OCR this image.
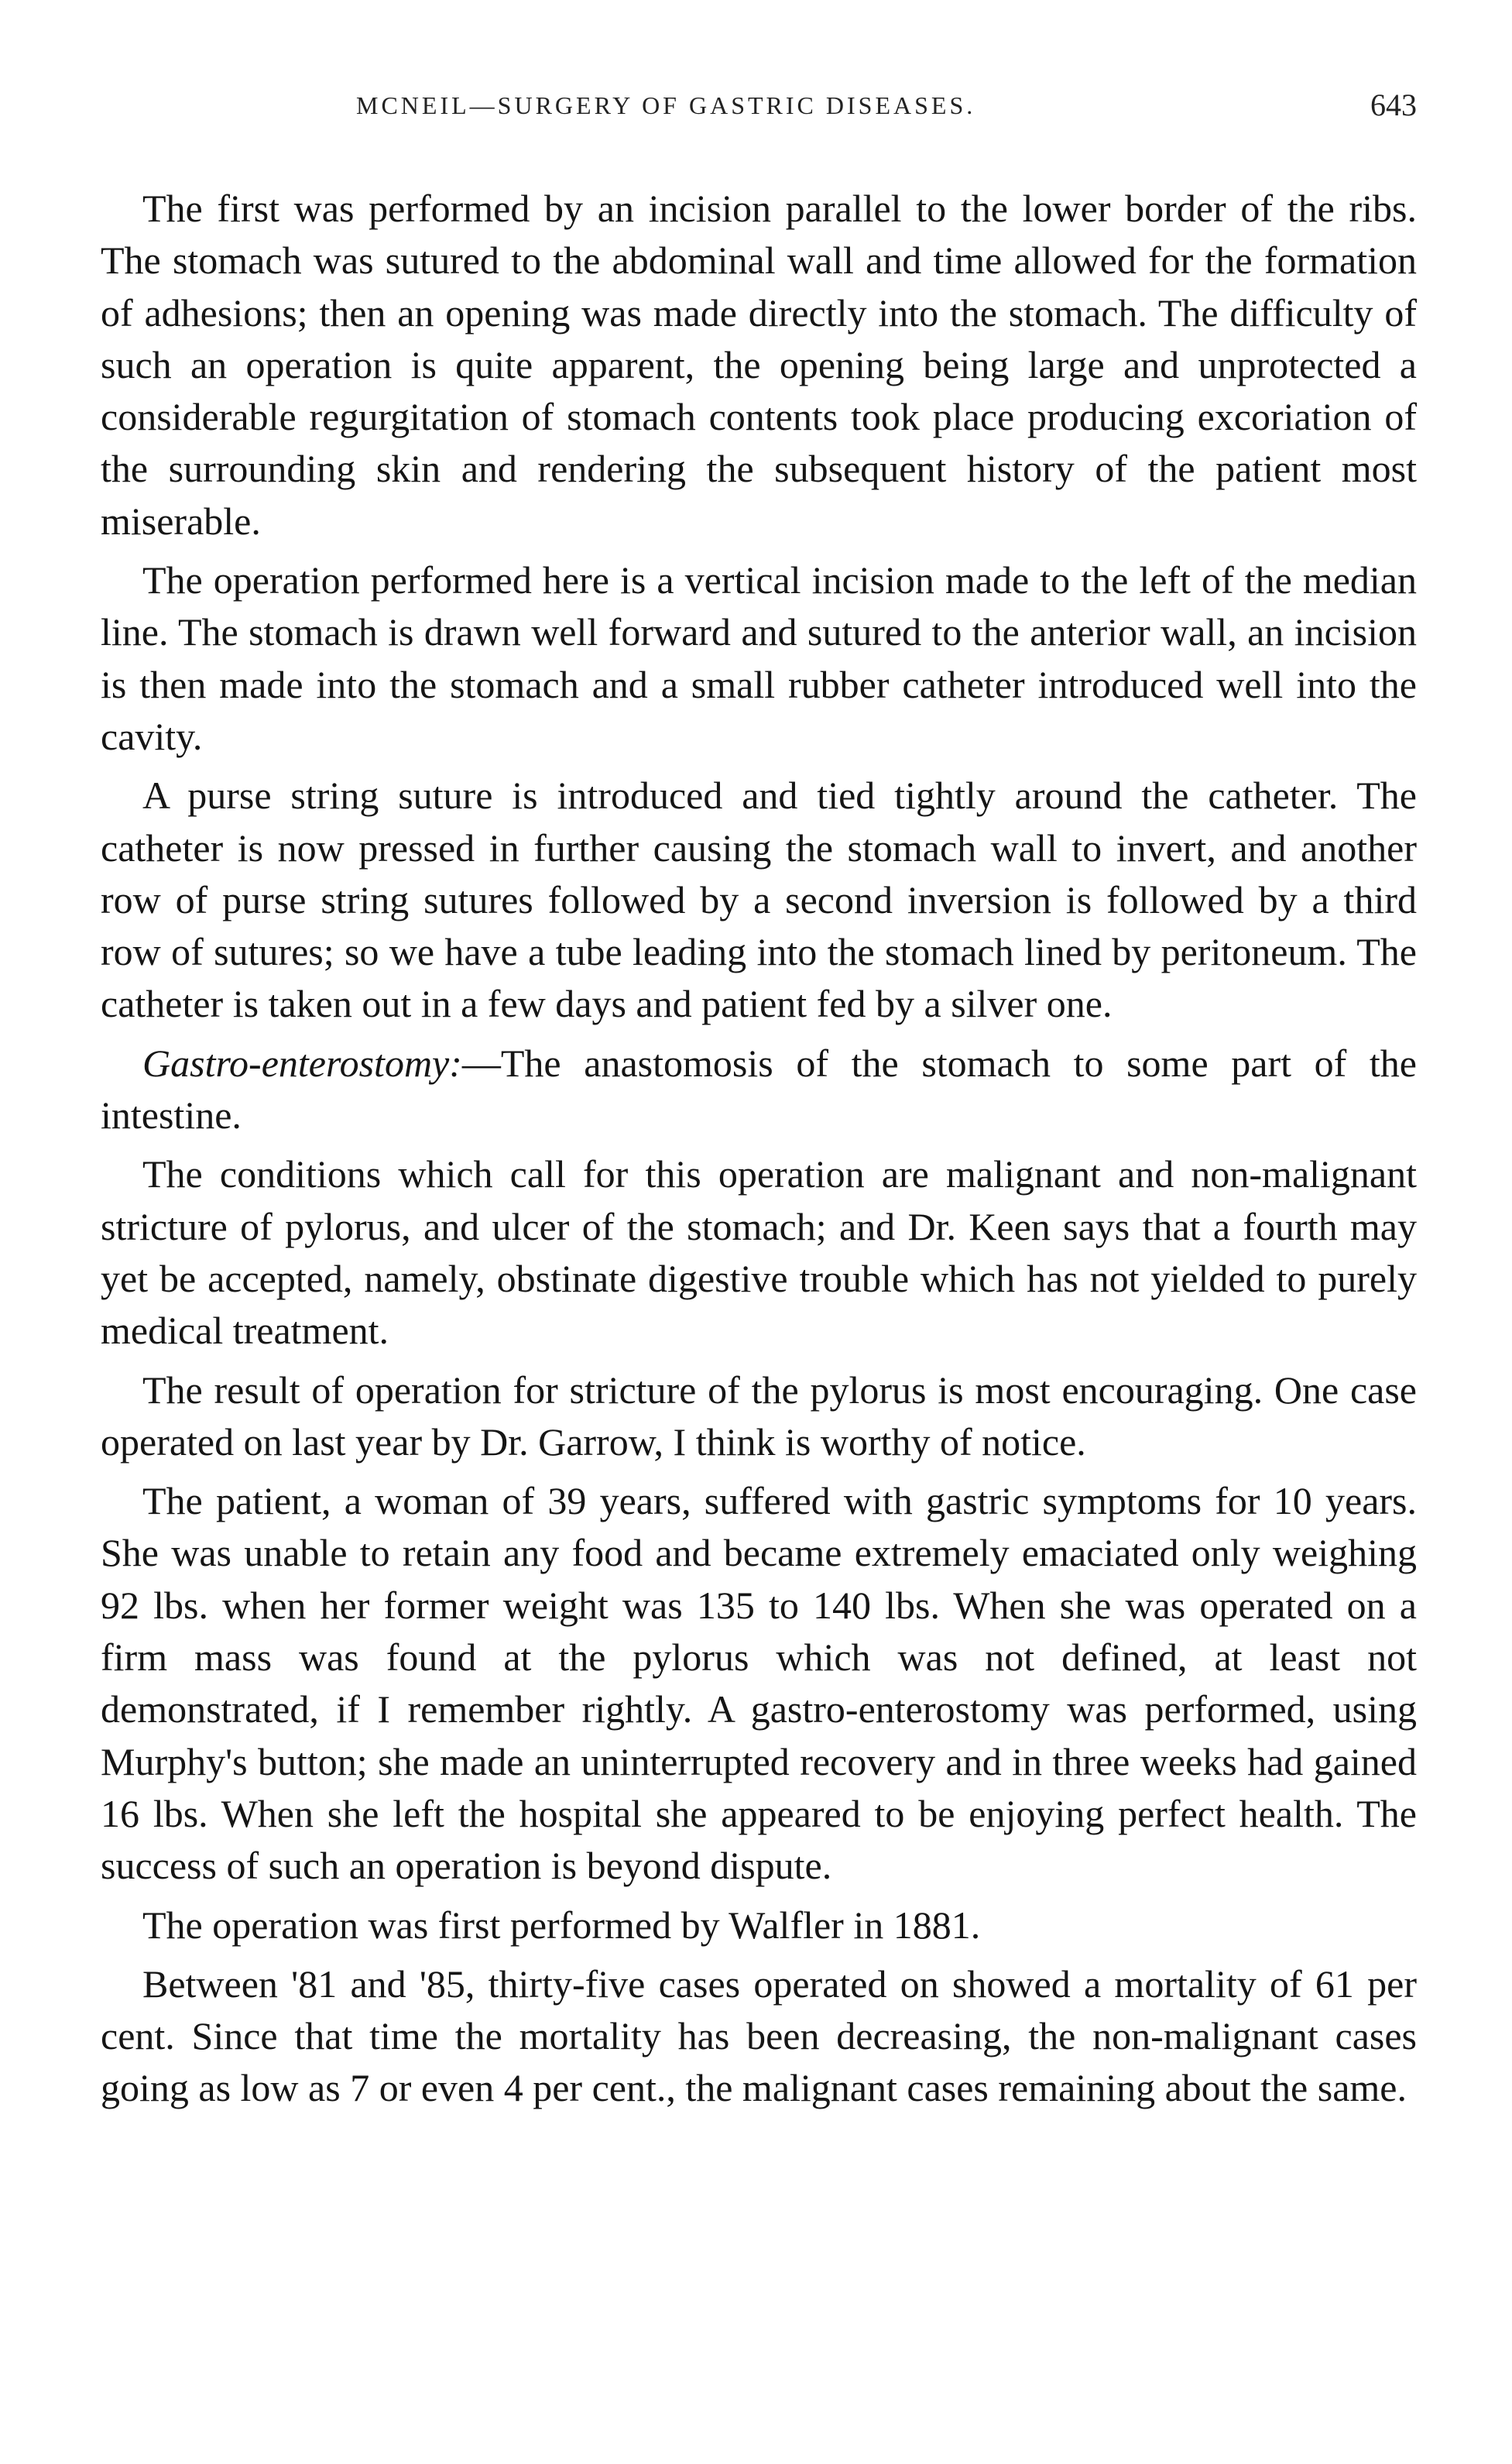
MCNEIL—SURGERY OF GASTRIC DISEASES.	643

The first was performed by an incision parallel to the lower border of the ribs. The stomach was sutured to the abdominal wall and time allowed for the formation of adhesions; then an opening was made directly into the stomach. The difficulty of such an operation is quite apparent, the opening being large and unprotected a considerable regurgitation of stomach contents took place producing excoriation of the surrounding skin and rendering the subsequent history of the patient most miserable.

The operation performed here is a vertical incision made to the left of the median line. The stomach is drawn well forward and sutured to the anterior wall, an incision is then made into the stomach and a small rubber catheter introduced well into the cavity.

A purse string suture is introduced and tied tightly around the catheter. The catheter is now pressed in further causing the stomach wall to invert, and another row of purse string sutures followed by a second inversion is followed by a third row of sutures; so we have a tube leading into the stomach lined by peritoneum. The catheter is taken out in a few days and patient fed by a silver one.

Gastro-enterostomy:—The anastomosis of the stomach to some part of the intestine.

The conditions which call for this operation are malignant and non-malignant stricture of pylorus, and ulcer of the stomach; and Dr. Keen says that a fourth may yet be accepted, namely, obstinate digestive trouble which has not yielded to purely medical treatment.

The result of operation for stricture of the pylorus is most encouraging. One case operated on last year by Dr. Garrow, I think is worthy of notice.

The patient, a woman of 39 years, suffered with gastric symptoms for 10 years. She was unable to retain any food and became extremely emaciated only weighing 92 lbs. when her former weight was 135 to 140 lbs. When she was operated on a firm mass was found at the pylorus which was not defined, at least not demonstrated, if I remember rightly. A gastro-enterostomy was performed, using Murphy's button; she made an uninterrupted recovery and in three weeks had gained 16 lbs. When she left the hospital she appeared to be enjoying perfect health. The success of such an operation is beyond dispute.

The operation was first performed by Walfler in 1881.

Between '81 and '85, thirty-five cases operated on showed a mortality of 61 per cent. Since that time the mortality has been decreasing, the non-malignant cases going as low as 7 or even 4 per cent., the malignant cases remaining about the same.
